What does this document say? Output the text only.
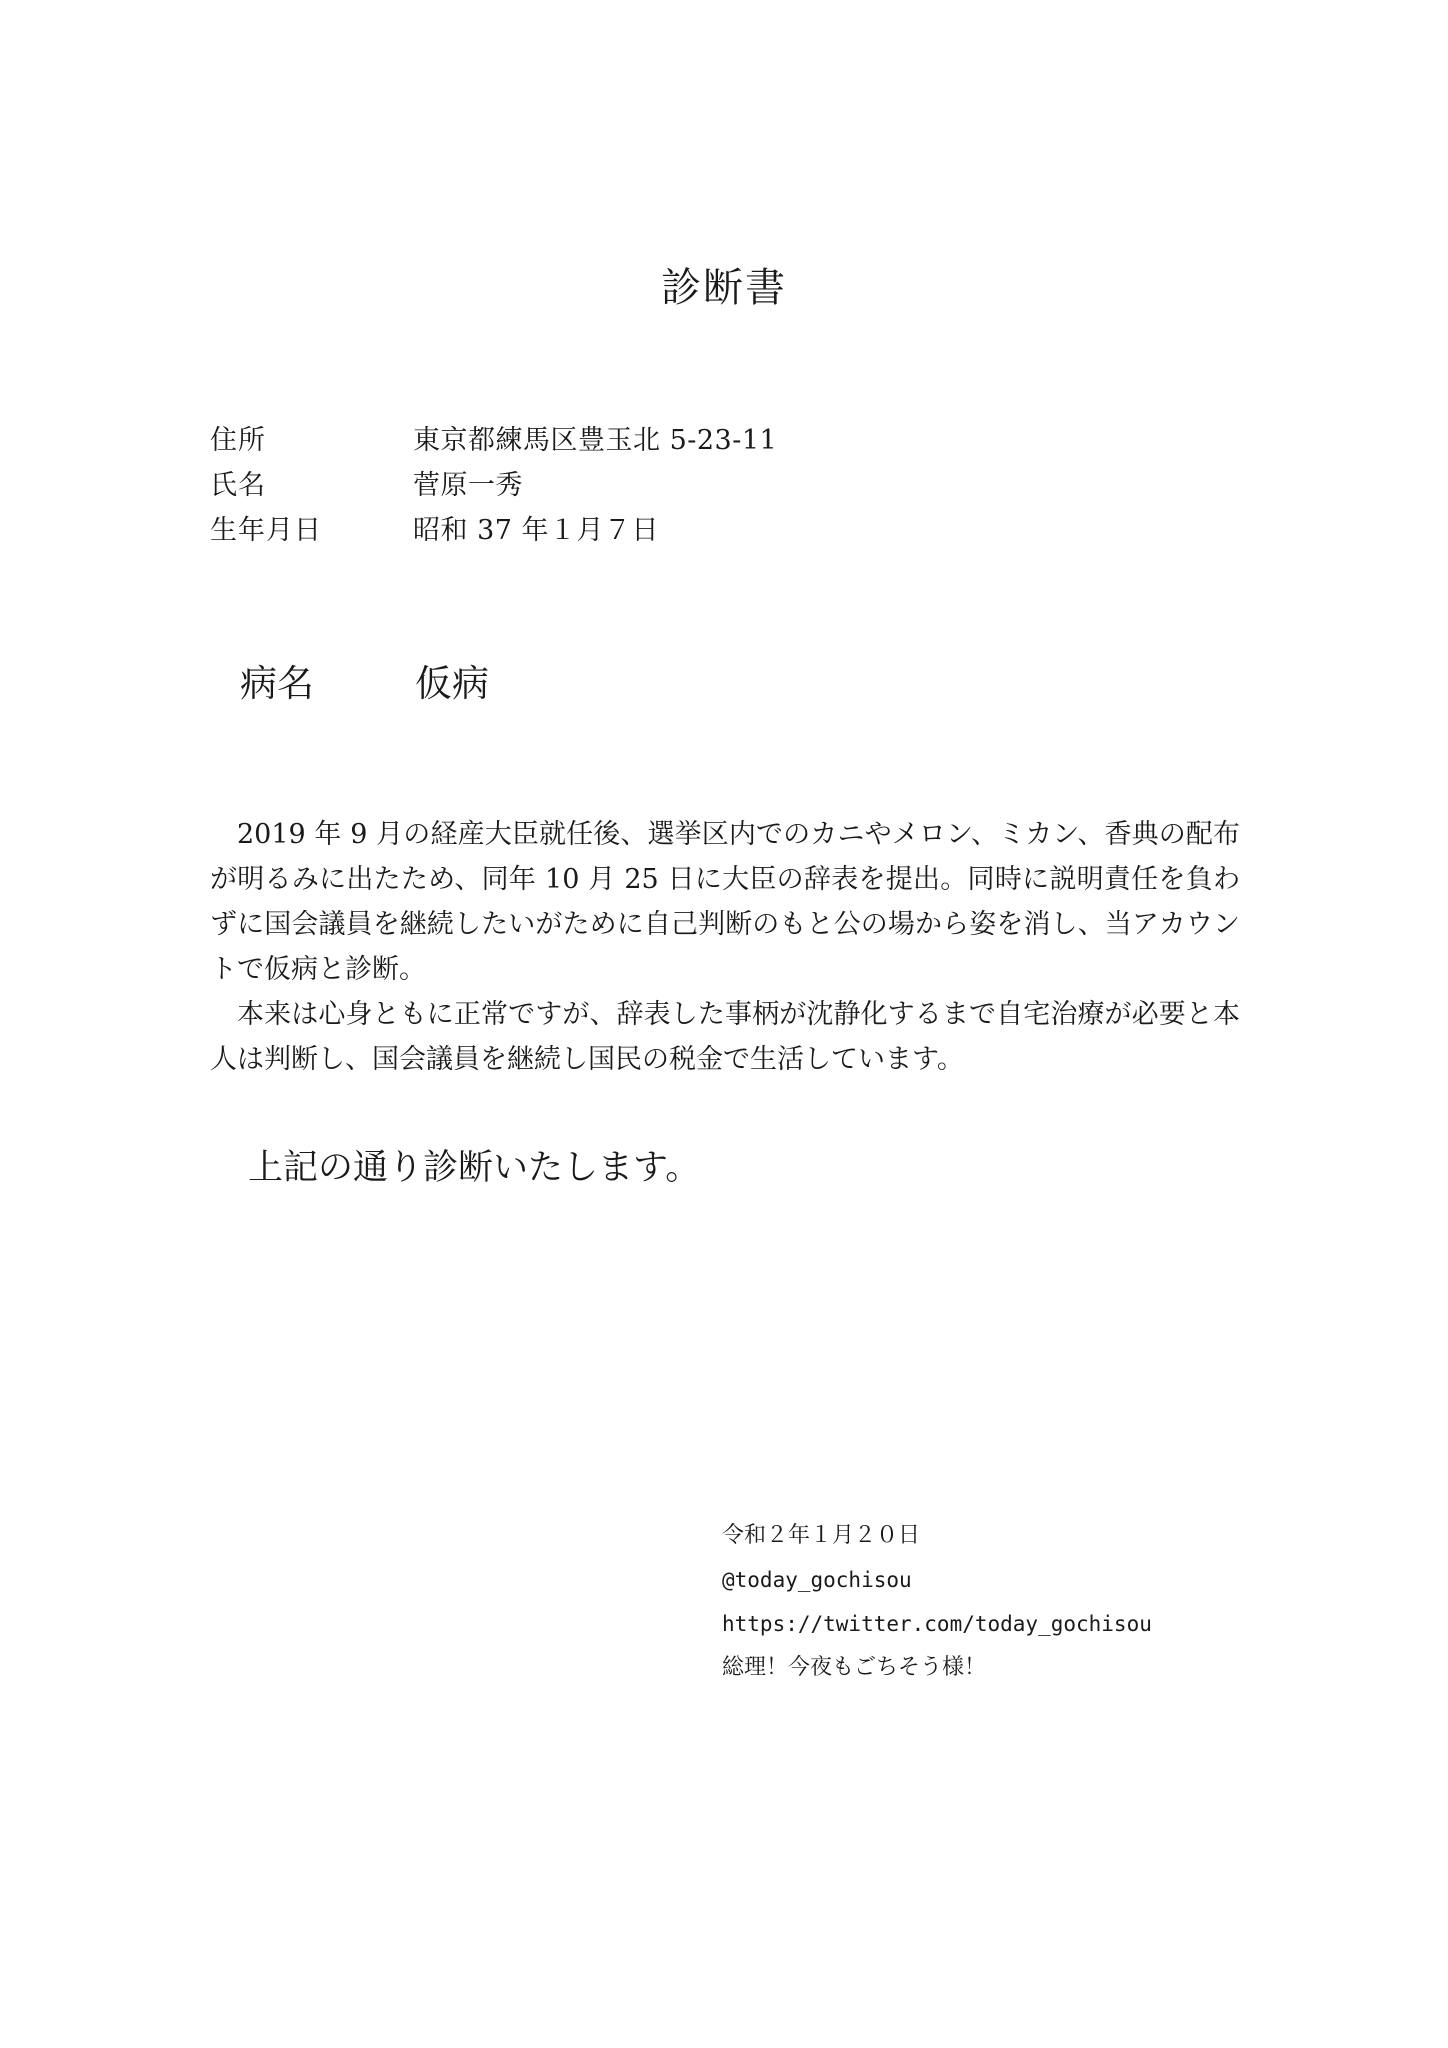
診断書
住所	東京都練馬区豊玉北 5-23-11
氏名	菅原一秀
生年月日	昭和 37 年１月７日
病名	仮病

2019 年 9 月の経産大臣就任後、選挙区内でのカニやメロン、ミカン、香典の配布が明るみに出たため、同年 10 月 25 日に大臣の辞表を提出。同時に説明責任を負わずに国会議員を継続したいがために自己判断のもと公の場から姿を消し、当アカウントで仮病と診断。

本来は心身ともに正常ですが、辞表した事柄が沈静化するまで自宅治療が必要と本人は判断し、国会議員を継続し国民の税金で生活しています。

上記の通り診断いたします。
令和２年１月２０日
@today_gochisou
https://twitter.com/today_gochisou
総理！今夜もごちそう様！
